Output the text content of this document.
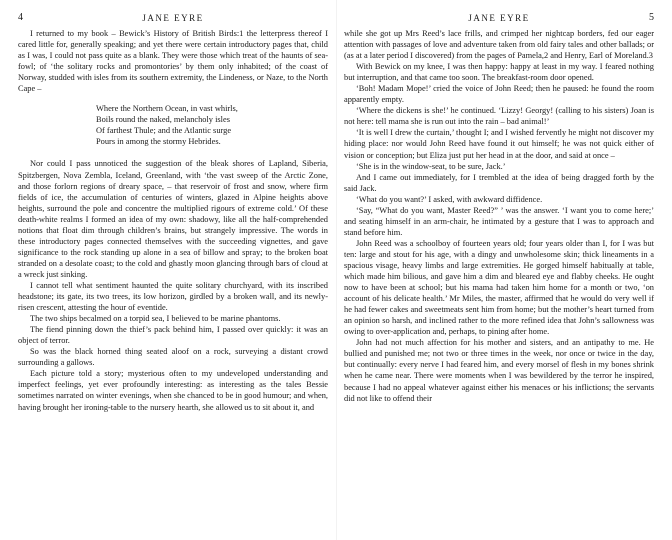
4	JANE EYRE

I returned to my book – Bewick’s History of British Birds:1 the letterpress thereof I cared little for, generally speaking; and yet there were certain introductory pages that, child as I was, I could not pass quite as a blank. They were those which treat of the haunts of sea-fowl; of ‘the solitary rocks and promontories’ by them only inhabited; of the coast of Norway, studded with isles from its southern extremity, the Lindeness, or Naze, to the North Cape –

Where the Northern Ocean, in vast whirls,
Boils round the naked, melancholy isles
Of farthest Thule; and the Atlantic surge
Pours in among the stormy Hebrides.

Nor could I pass unnoticed the suggestion of the bleak shores of Lapland, Siberia, Spitzbergen, Nova Zembla, Iceland, Greenland, with ‘the vast sweep of the Arctic Zone, and those forlorn regions of dreary space, – that reservoir of frost and snow, where firm fields of ice, the accumulation of centuries of winters, glazed in Alpine heights above heights, surround the pole and concentre the multiplied rigours of extreme cold.’ Of these death-white realms I formed an idea of my own: shadowy, like all the half-comprehended notions that float dim through children’s brains, but strangely impressive. The words in these introductory pages connected themselves with the succeeding vignettes, and gave significance to the rock standing up alone in a sea of billow and spray; to the broken boat stranded on a desolate coast; to the cold and ghastly moon glancing through bars of cloud at a wreck just sinking.

I cannot tell what sentiment haunted the quite solitary churchyard, with its inscribed headstone; its gate, its two trees, its low horizon, girdled by a broken wall, and its newly-risen crescent, attesting the hour of eventide.

The two ships becalmed on a torpid sea, I believed to be marine phantoms.

The fiend pinning down the thief’s pack behind him, I passed over quickly: it was an object of terror.

So was the black horned thing seated aloof on a rock, surveying a distant crowd surrounding a gallows.

Each picture told a story; mysterious often to my undeveloped understanding and imperfect feelings, yet ever profoundly interesting: as interesting as the tales Bessie sometimes narrated on winter evenings, when she chanced to be in good humour; and when, having brought her ironing-table to the nursery hearth, she allowed us to sit about it, and

JANE EYRE	5

while she got up Mrs Reed’s lace frills, and crimped her nightcap borders, fed our eager attention with passages of love and adventure taken from old fairy tales and other ballads; or (as at a later period I discovered) from the pages of Pamela,2 and Henry, Earl of Moreland.3

With Bewick on my knee, I was then happy: happy at least in my way. I feared nothing but interruption, and that came too soon. The breakfast-room door opened.

‘Boh! Madam Mope!’ cried the voice of John Reed; then he paused: he found the room apparently empty.

‘Where the dickens is she!’ he continued. ‘Lizzy! Georgy! (calling to his sisters) Joan is not here: tell mama she is run out into the rain – bad animal!’

‘It is well I drew the curtain,’ thought I; and I wished fervently he might not discover my hiding place: nor would John Reed have found it out himself; he was not quick either of vision or conception; but Eliza just put her head in at the door, and said at once –

‘She is in the window-seat, to be sure, Jack.’

And I came out immediately, for I trembled at the idea of being dragged forth by the said Jack.

‘What do you want?’ I asked, with awkward diffidence.

‘Say, “What do you want, Master Reed?” ’ was the answer. ‘I want you to come here;’ and seating himself in an arm-chair, he intimated by a gesture that I was to approach and stand before him.

John Reed was a schoolboy of fourteen years old; four years older than I, for I was but ten: large and stout for his age, with a dingy and unwholesome skin; thick lineaments in a spacious visage, heavy limbs and large extremities. He gorged himself habitually at table, which made him bilious, and gave him a dim and bleared eye and flabby cheeks. He ought now to have been at school; but his mama had taken him home for a month or two, ‘on account of his delicate health.’ Mr Miles, the master, affirmed that he would do very well if he had fewer cakes and sweetmeats sent him from home; but the mother’s heart turned from an opinion so harsh, and inclined rather to the more refined idea that John’s sallowness was owing to over-application and, perhaps, to pining after home.

John had not much affection for his mother and sisters, and an antipathy to me. He bullied and punished me; not two or three times in the week, nor once or twice in the day, but continually: every nerve I had feared him, and every morsel of flesh in my bones shrink when he came near. There were moments when I was bewildered by the terror he inspired, because I had no appeal whatever against either his menaces or his inflictions; the servants did not like to offend their
